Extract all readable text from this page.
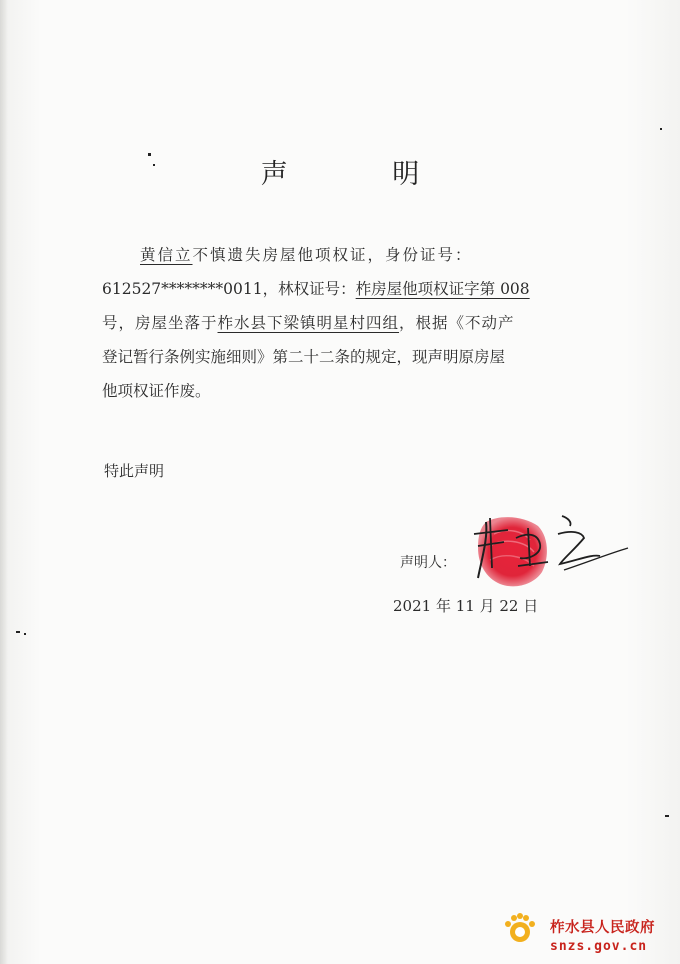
声 明
黄信立不慎遗失房屋他项权证，身份证号：
612527********0011，林权证号：柞房屋他项权证字第 008
号，房屋坐落于柞水县下梁镇明星村四组，根据《不动产
登记暂行条例实施细则》第二十二条的规定，现声明原房屋
他项权证作废。
特此声明
声明人：
2021 年 11 月 22 日
柞水县人民政府
snzs.gov.cn
